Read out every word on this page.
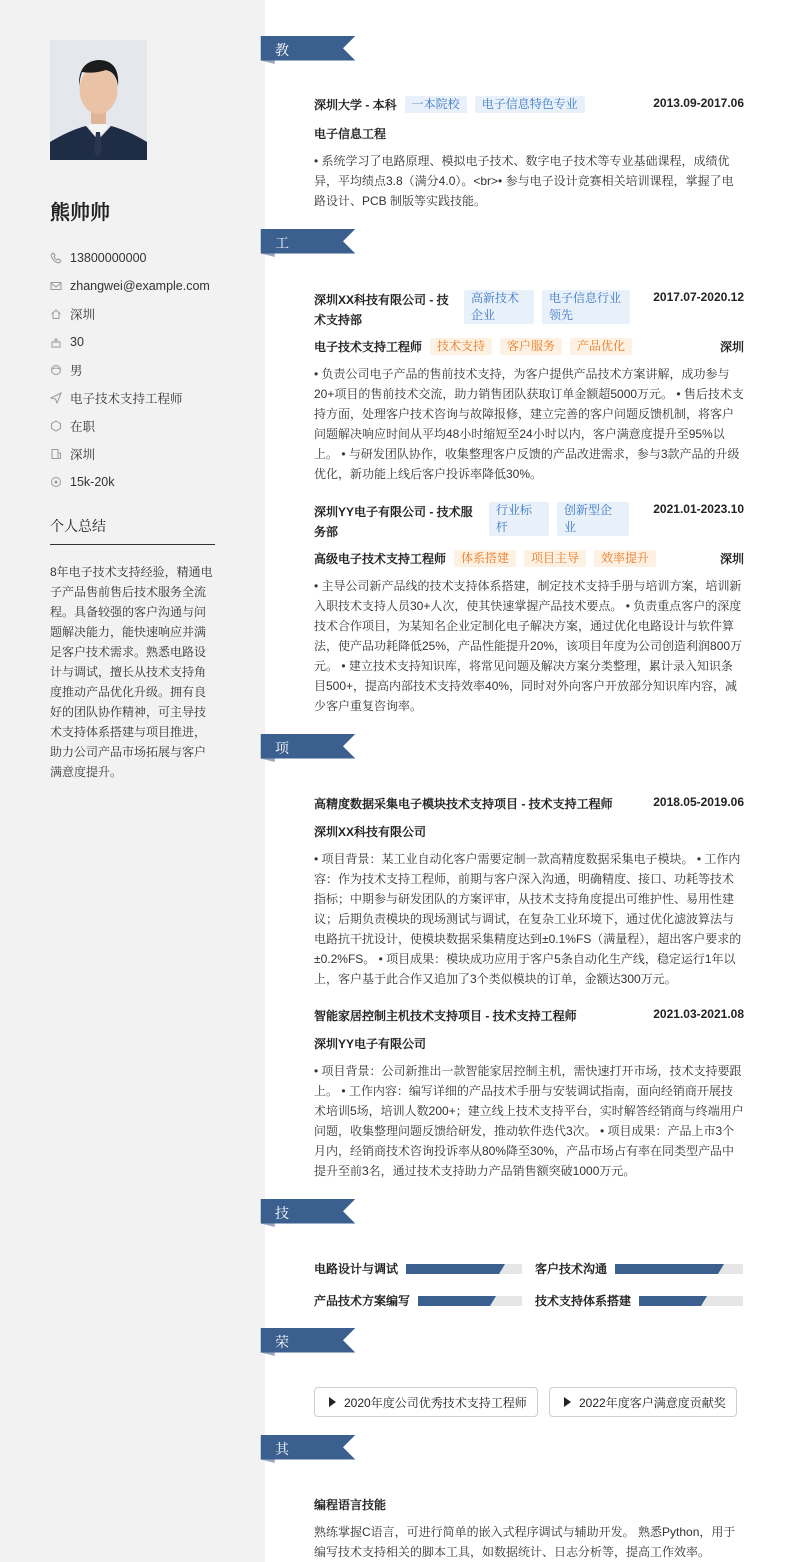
熊帅帅
13800000000
zhangwei@example.com
深圳
30
男
电子技术支持工程师
在职
深圳
15k-20k
个人总结
8年电子技术支持经验，精通电子产品售前售后技术服务全流程。具备较强的客户沟通与问题解决能力，能快速响应并满足客户技术需求。熟悉电路设计与调试，擅长从技术支持角度推动产品优化升级。拥有良好的团队协作精神，可主导技术支持体系搭建与项目推进，助力公司产品市场拓展与客户满意度提升。
教育经历
工作经历
项目经历
技能专长
荣誉奖项
其他信息
深圳大学 - 本科	一本院校	电子信息特色专业	2013.09-2017.06
电子信息工程
• 系统学习了电路原理、模拟电子技术、数字电子技术等专业基础课程，成绩优异，平均绩点3.8（满分4.0）。<br>• 参与电子设计竞赛相关培训课程，掌握了电路设计、PCB 制版等实践技能。
深圳XX科技有限公司 - 技术支持部
高新技术企业
电子信息行业领先
2017.07-2020.12
电子技术支持工程师	技术支持	客户服务	产品优化	深圳
• 负责公司电子产品的售前技术支持，为客户提供产品技术方案讲解，成功参与20+项目的售前技术交流，助力销售团队获取订单金额超5000万元。 • 售后技术支持方面，处理客户技术咨询与故障报修，建立完善的客户问题反馈机制，将客户问题解决响应时间从平均48小时缩短至24小时以内，客户满意度提升至95%以上。 • 与研发团队协作，收集整理客户反馈的产品改进需求，参与3款产品的升级优化，新功能上线后客户投诉率降低30%。
深圳YY电子有限公司 - 技术服务部
行业标杆
创新型企业
2021.01-2023.10
高级电子技术支持工程师	体系搭建	项目主导	效率提升	深圳
• 主导公司新产品线的技术支持体系搭建，制定技术支持手册与培训方案，培训新入职技术支持人员30+人次，使其快速掌握产品技术要点。 • 负责重点客户的深度技术合作项目，为某知名企业定制化电子解决方案，通过优化电路设计与软件算法，使产品功耗降低25%，产品性能提升20%，该项目年度为公司创造利润800万元。 • 建立技术支持知识库，将常见问题及解决方案分类整理，累计录入知识条目500+，提高内部技术支持效率40%，同时对外向客户开放部分知识库内容，减少客户重复咨询率。
高精度数据采集电子模块技术支持项目 - 技术支持工程师	2018.05-2019.06
深圳XX科技有限公司
• 项目背景：某工业自动化客户需要定制一款高精度数据采集电子模块。 • 工作内容：作为技术支持工程师，前期与客户深入沟通，明确精度、接口、功耗等技术指标；中期参与研发团队的方案评审，从技术支持角度提出可维护性、易用性建议；后期负责模块的现场测试与调试，在复杂工业环境下，通过优化滤波算法与电路抗干扰设计，使模块数据采集精度达到±0.1%FS（满量程），超出客户要求的±0.2%FS。 • 项目成果：模块成功应用于客户5条自动化生产线，稳定运行1年以上，客户基于此合作又追加了3个类似模块的订单，金额达300万元。
智能家居控制主机技术支持项目 - 技术支持工程师	2021.03-2021.08
深圳YY电子有限公司
• 项目背景：公司新推出一款智能家居控制主机，需快速打开市场，技术支持要跟上。 • 工作内容：编写详细的产品技术手册与安装调试指南，面向经销商开展技术培训5场，培训人数200+；建立线上技术支持平台，实时解答经销商与终端用户问题，收集整理问题反馈给研发，推动软件迭代3次。 • 项目成果：产品上市3个月内，经销商技术咨询投诉率从80%降至30%，产品市场占有率在同类型产品中提升至前3名，通过技术支持助力产品销售额突破1000万元。
电路设计与调试	客户技术沟通
产品技术方案编写	技术支持体系搭建
2020年度公司优秀技术支持工程师	2022年度客户满意度贡献奖
编程语言技能
熟练掌握C语言，可进行简单的嵌入式程序调试与辅助开发。 熟悉Python，用于编写技术支持相关的脚本工具，如数据统计、日志分析等，提高工作效率。
